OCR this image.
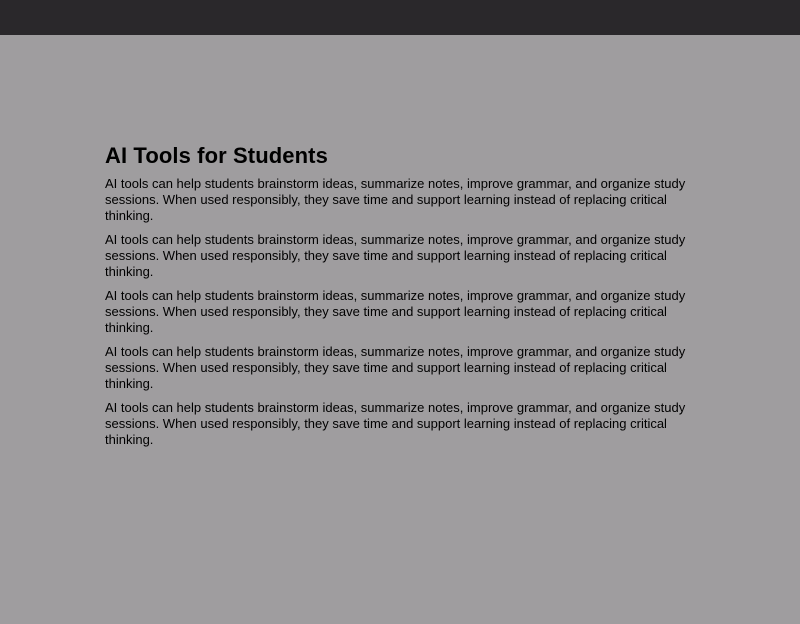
AI Tools for Students

AI tools can help students brainstorm ideas, summarize notes, improve grammar, and organize study sessions. When used responsibly, they save time and support learning instead of replacing critical thinking.

AI tools can help students brainstorm ideas, summarize notes, improve grammar, and organize study sessions. When used responsibly, they save time and support learning instead of replacing critical thinking.

AI tools can help students brainstorm ideas, summarize notes, improve grammar, and organize study sessions. When used responsibly, they save time and support learning instead of replacing critical thinking.

AI tools can help students brainstorm ideas, summarize notes, improve grammar, and organize study sessions. When used responsibly, they save time and support learning instead of replacing critical thinking.

AI tools can help students brainstorm ideas, summarize notes, improve grammar, and organize study sessions. When used responsibly, they save time and support learning instead of replacing critical thinking.
